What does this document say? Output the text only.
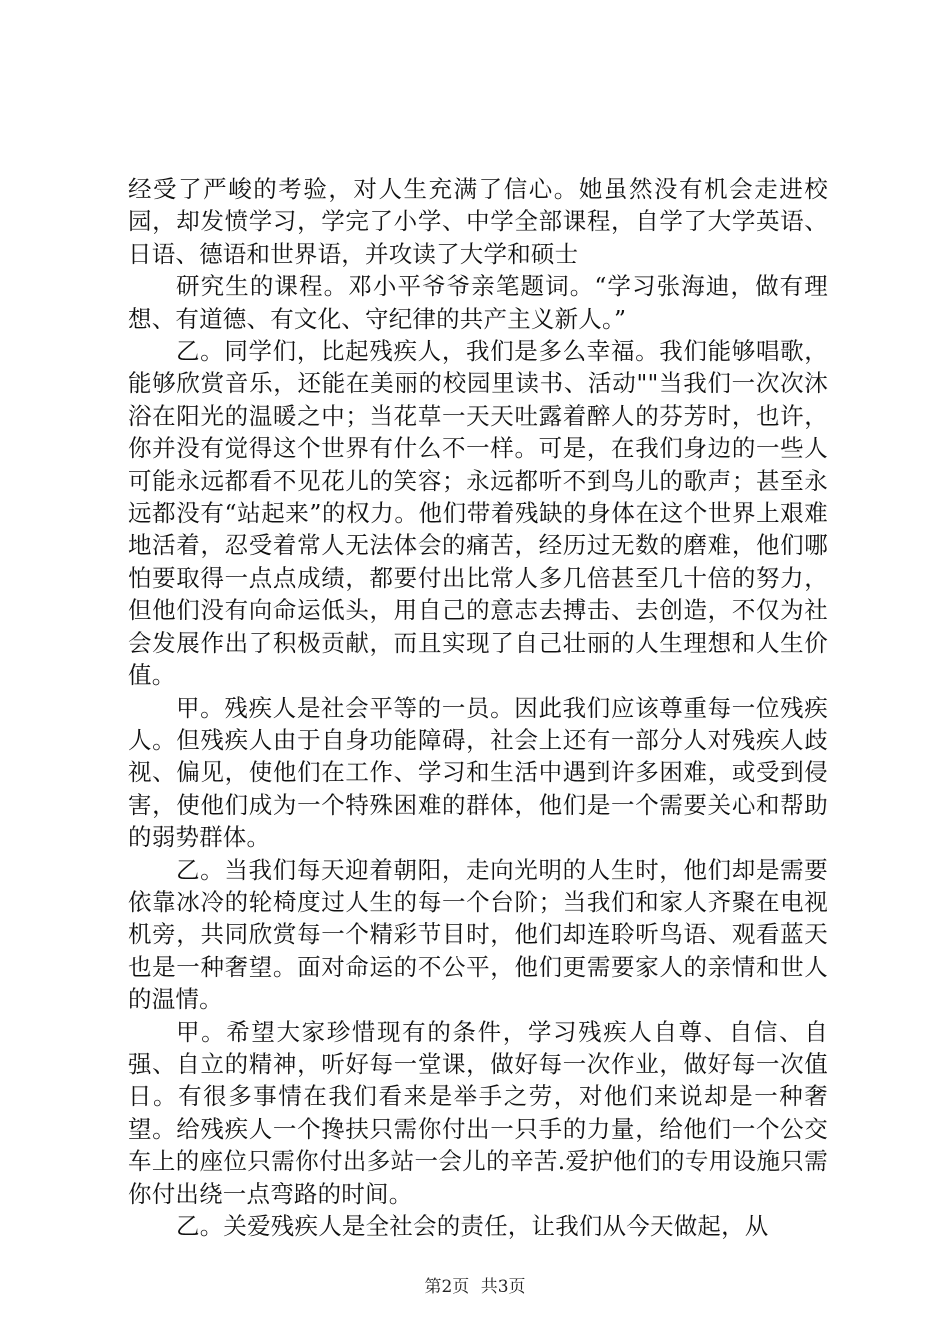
经受了严峻的考验，对人生充满了信心。她虽然没有机会走进校园，却发愤学习，学完了小学、中学全部课程，自学了大学英语、日语、德语和世界语，并攻读了大学和硕士

研究生的课程。邓小平爷爷亲笔题词。“学习张海迪，做有理想、有道德、有文化、守纪律的共产主义新人。”

乙。同学们，比起残疾人，我们是多么幸福。我们能够唱歌，能够欣赏音乐，还能在美丽的校园里读书、活动""当我们一次次沐浴在阳光的温暖之中；当花草一天天吐露着醉人的芬芳时，也许，你并没有觉得这个世界有什么不一样。可是，在我们身边的一些人可能永远都看不见花儿的笑容；永远都听不到鸟儿的歌声；甚至永远都没有“站起来”的权力。他们带着残缺的身体在这个世界上艰难地活着，忍受着常人无法体会的痛苦，经历过无数的磨难，他们哪怕要取得一点点成绩，都要付出比常人多几倍甚至几十倍的努力，但他们没有向命运低头，用自己的意志去搏击、去创造，不仅为社会发展作出了积极贡献，而且实现了自己壮丽的人生理想和人生价值。

甲。残疾人是社会平等的一员。因此我们应该尊重每一位残疾人。但残疾人由于自身功能障碍，社会上还有一部分人对残疾人歧视、偏见，使他们在工作、学习和生活中遇到许多困难，或受到侵害，使他们成为一个特殊困难的群体，他们是一个需要关心和帮助的弱势群体。

乙。当我们每天迎着朝阳，走向光明的人生时，他们却是需要依靠冰冷的轮椅度过人生的每一个台阶；当我们和家人齐聚在电视机旁，共同欣赏每一个精彩节目时，他们却连聆听鸟语、观看蓝天也是一种奢望。面对命运的不公平，他们更需要家人的亲情和世人的温情。

甲。希望大家珍惜现有的条件，学习残疾人自尊、自信、自强、自立的精神，听好每一堂课，做好每一次作业，做好每一次值日。有很多事情在我们看来是举手之劳，对他们来说却是一种奢望。给残疾人一个搀扶只需你付出一只手的力量，给他们一个公交车上的座位只需你付出多站一会儿的辛苦.爱护他们的专用设施只需你付出绕一点弯路的时间。

乙。关爱残疾人是全社会的责任，让我们从今天做起，从

第2页 共3页
